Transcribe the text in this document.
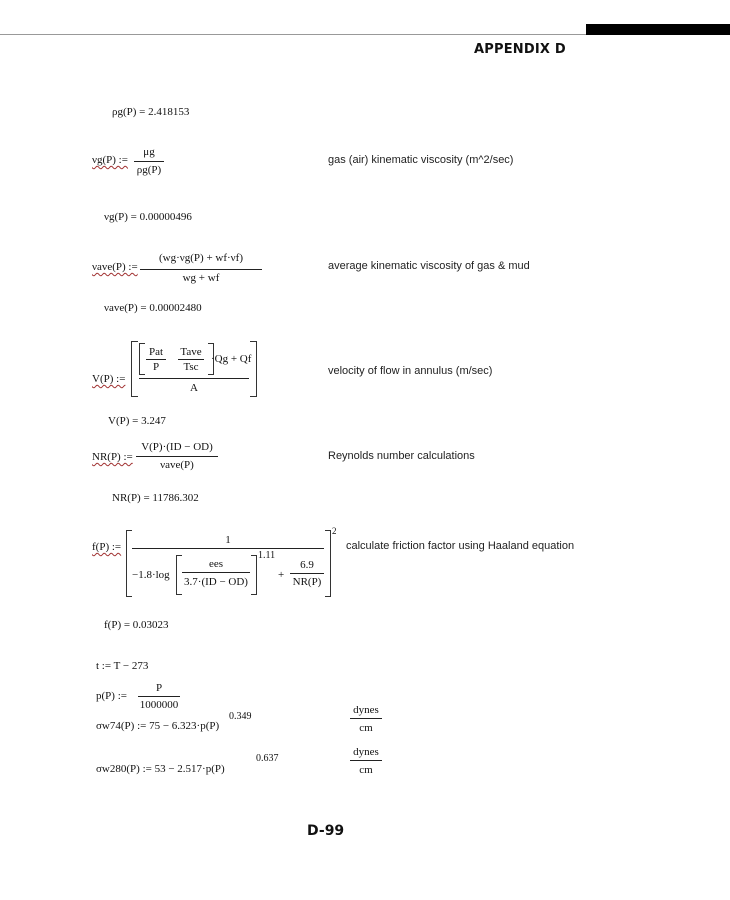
APPENDIX D
ρg(P) = 2.418153
νg(P) :=
μg
ρg(P)
gas (air) kinematic viscosity (m^2/sec)
νg(P) = 0.00000496
νave(P) :=
(wg·νg(P) + wf·νf)
wg + wf
average kinematic viscosity of gas & mud
νave(P) = 0.00002480
V(P) :=
Pat
P
Tave
Tsc
·Qg + Qf
A
velocity of flow in annulus (m/sec)
V(P) = 3.247
NR(P) :=
V(P)·(ID − OD)
νave(P)
Reynolds number calculations
NR(P) = 11786.302
f(P) :=
2
1
−1.8·log
ees
3.7·(ID − OD)
1.11
+
6.9
NR(P)
calculate friction factor using Haaland equation
f(P) = 0.03023
t := T − 273
p(P) :=
P
1000000
σw74(P) := 75 − 6.323·p(P)
0.349
dynes
cm
σw280(P) := 53 − 2.517·p(P)
0.637
dynes
cm
D-99
